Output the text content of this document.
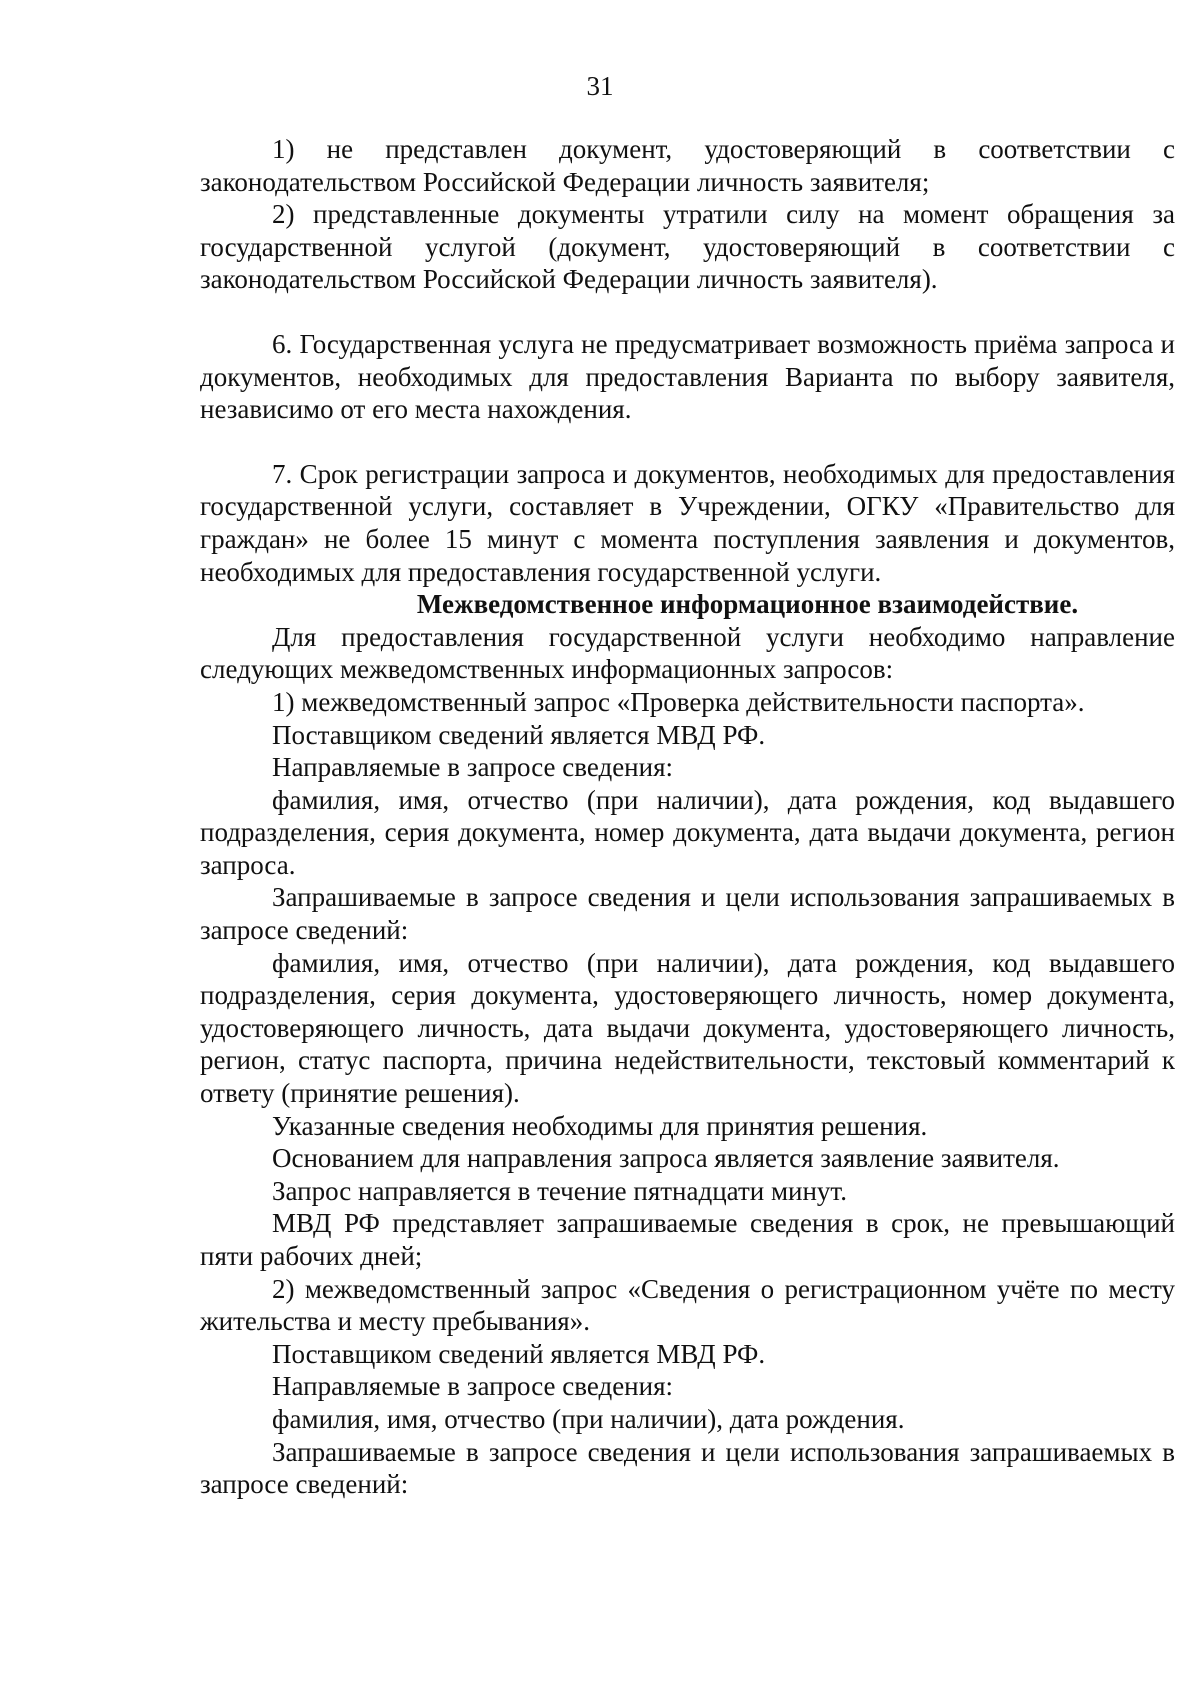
31

1) не представлен документ, удостоверяющий в соответствии с законодательством Российской Федерации личность заявителя;

2) представленные документы утратили силу на момент обращения за государственной услугой (документ, удостоверяющий в соответствии с законодательством Российской Федерации личность заявителя).

6. Государственная услуга не предусматривает возможность приёма запроса и документов, необходимых для предоставления Варианта по выбору заявителя, независимо от его места нахождения.

7. Срок регистрации запроса и документов, необходимых для предоставления государственной услуги, составляет в Учреждении, ОГКУ «Правительство для граждан» не более 15 минут с момента поступления заявления и документов, необходимых для предоставления государственной услуги.

Межведомственное информационное взаимодействие.

Для предоставления государственной услуги необходимо направление следующих межведомственных информационных запросов:

1) межведомственный запрос «Проверка действительности паспорта».

Поставщиком сведений является МВД РФ.

Направляемые в запросе сведения:

фамилия, имя, отчество (при наличии), дата рождения, код выдавшего подразделения, серия документа, номер документа, дата выдачи документа, регион запроса.

Запрашиваемые в запросе сведения и цели использования запрашиваемых в запросе сведений:

фамилия, имя, отчество (при наличии), дата рождения, код выдавшего подразделения, серия документа, удостоверяющего личность, номер документа, удостоверяющего личность, дата выдачи документа, удостоверяющего личность, регион, статус паспорта, причина недействительности, текстовый комментарий к ответу (принятие решения).

Указанные сведения необходимы для принятия решения.

Основанием для направления запроса является заявление заявителя.

Запрос направляется в течение пятнадцати минут.

МВД РФ представляет запрашиваемые сведения в срок, не превышающий пяти рабочих дней;

2) межведомственный запрос «Сведения о регистрационном учёте по месту жительства и месту пребывания».

Поставщиком сведений является МВД РФ.

Направляемые в запросе сведения:

фамилия, имя, отчество (при наличии), дата рождения.

Запрашиваемые в запросе сведения и цели использования запрашиваемых в запросе сведений:
